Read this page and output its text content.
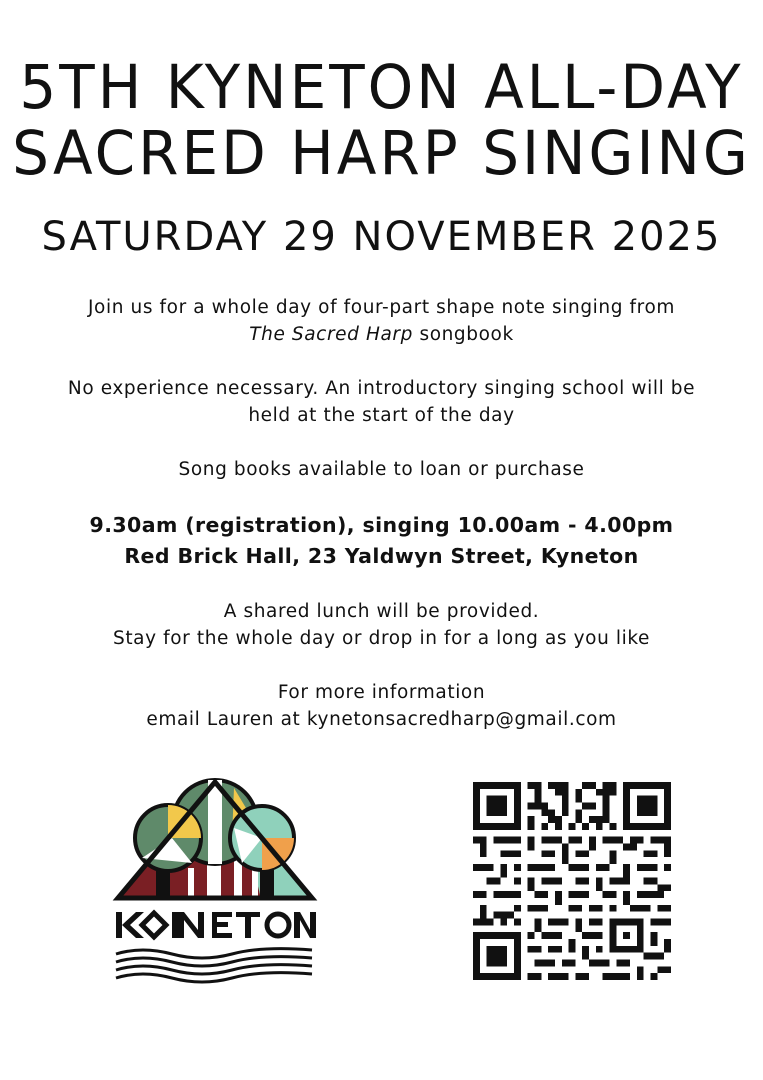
5TH KYNETON ALL-DAY
SACRED HARP SINGING
SATURDAY 29 NOVEMBER 2025
Join us for a whole day of four-part shape note singing from
The Sacred Harp songbook
No experience necessary. An introductory singing school will be
held at the start of the day
Song books available to loan or purchase
9.30am (registration), singing 10.00am - 4.00pm
Red Brick Hall, 23 Yaldwyn Street, Kyneton
A shared lunch will be provided.
Stay for the whole day or drop in for a long as you like
For more information
email Lauren at kynetonsacredharp@gmail.com
